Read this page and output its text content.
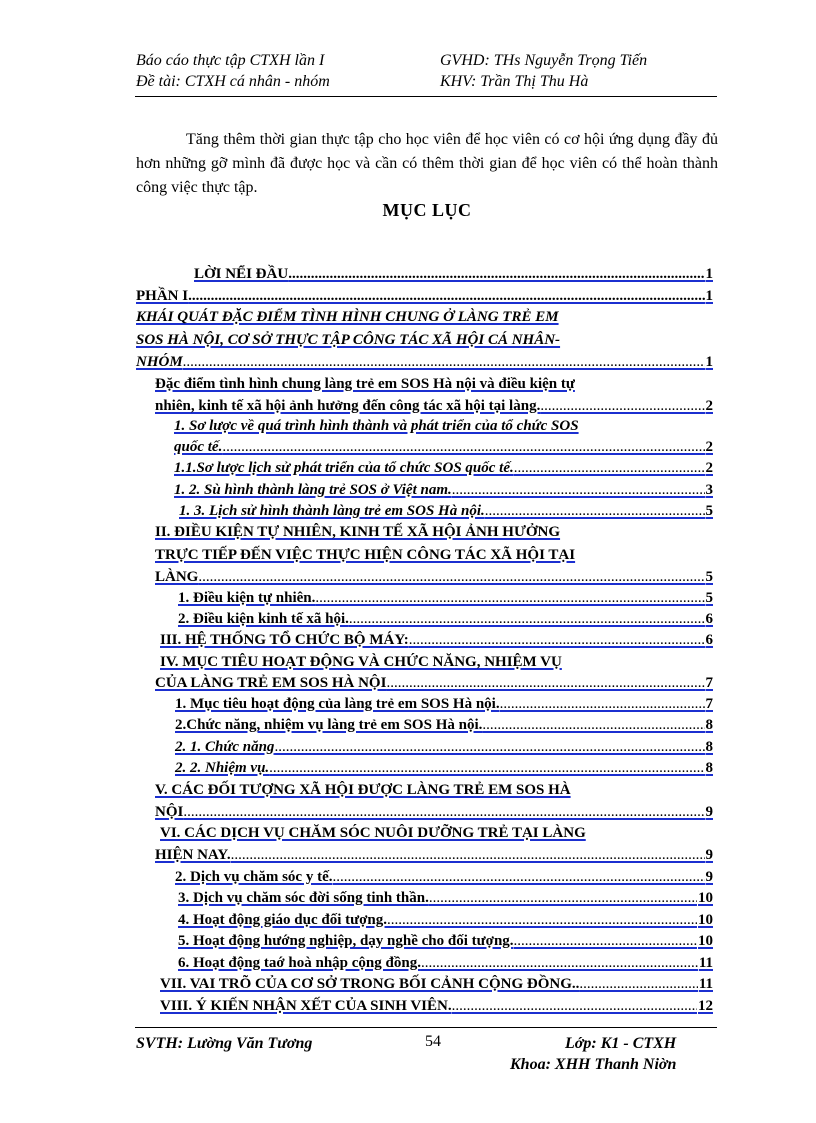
Báo cáo thực tập CTXH lần I
Đề tài: CTXH cá nhân - nhóm
GVHD: THs Nguyễn Trọng Tiến
KHV: Trần Thị Thu Hà
Tăng thêm thời gian thực tập cho học viên để học viên có cơ hội ứng dụng đầy đủ hơn những gỡ mình đã được học và cần có thêm thời gian để học viên có thể hoàn thành công việc thực tập.
MỤC LỤC
LỜI NỂI ĐẦU .....	1
PHẦN I .....	1
KHÁI QUÁT ĐẶC ĐIỂM TÌNH HÌNH CHUNG Ở LÀNG TRẺ EM
SOS HÀ NỘI, CƠ SỞ THỰC TẬP CÔNG TÁC XÃ HỘI CÁ NHÂN-
NHÓM .....	1
Đặc điểm tình hình chung làng trẻ em SOS Hà nội và điều kiện tự
nhiên, kinh tế xã hội ảnh hưởng đến công tác xã hội tại làng. .....	2
1. Sơ lược về quá trình hình thành và phát triển của tổ chức SOS
quốc tế. .....	2
1.1.Sơ lược lịch sử phát triển của tổ chức SOS quốc tế. .....	2
1. 2. Sù hình thành làng trẻ SOS ở Việt nam. .....	3
1. 3. Lịch sử hình thành làng trẻ em SOS Hà nội. .....	5
II. ĐIỀU KIỆN TỰ NHIÊN, KINH TẾ XÃ HỘI ẢNH HƯỞNG
TRỰC TIẾP ĐẾN VIỆC THỰC HIỆN CÔNG TÁC XÃ HỘI TẠI
LÀNG .....	5
1. Điều kiện tự nhiên. .....	5
2. Điều kiện kinh tế xã hội. .....	6
III. HỆ THỐNG TỔ CHỨC BỘ MÁY: .....	6
IV. MỤC TIÊU HOẠT ĐỘNG VÀ CHỨC NĂNG, NHIỆM VỤ
CỦA LÀNG TRẺ EM SOS HÀ NỘI .....	7
1. Mục tiêu hoạt động của làng trẻ em SOS Hà nội. .....	7
2.Chức năng, nhiệm vụ làng trẻ em SOS Hà nội. .....	8
2. 1. Chức năng .....	8
2. 2. Nhiệm vụ. .....	8
V. CÁC ĐỐI TƯỢNG XÃ HỘI ĐƯỢC LÀNG TRẺ EM SOS HÀ
NỘI .....	9
VI. CÁC DỊCH VỤ CHĂM SÓC NUÔI DƯỠNG TRẺ TẠI LÀNG
HIỆN NAY. .....	9
2. Dịch vụ chăm sóc y tế. .....	9
3. Dịch vụ chăm sóc đời sống tinh thần. .....	10
4. Hoạt động giáo dục đối tượng. .....	10
5. Hoạt động hướng nghiệp, dạy nghề cho đối tượng. .....	10
6. Hoạt động taớ hoà nhập cộng đồng. .....	11
VII. VAI TRÕ CỦA CƠ SỞ TRONG BỐI CẢNH CỘNG ĐỒNG.. .....	11
VIII. Ý KIẾN NHẬN XẾT CỦA SINH VIÊN. .....	12
SVTH: Lường Văn Tương	54	Lớp: K1 - CTXH
Khoa: XHH Thanh Niờn
